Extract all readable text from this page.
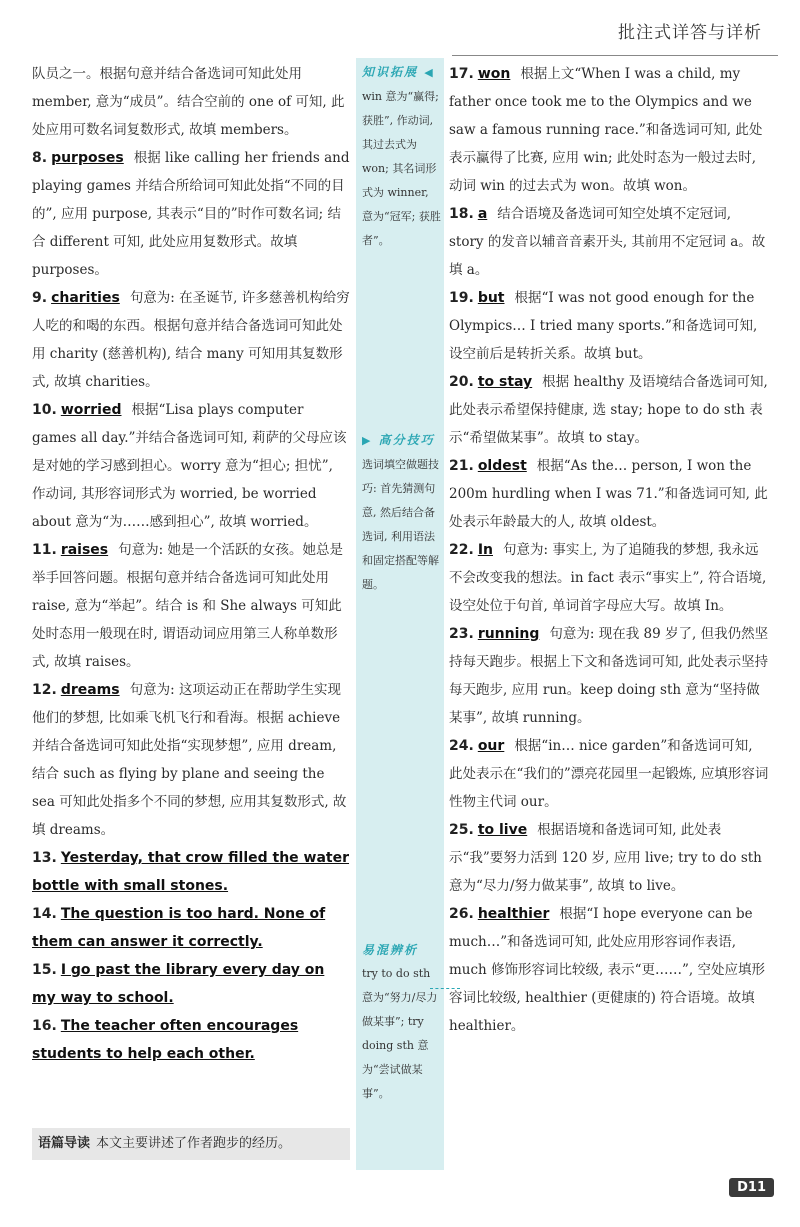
批注式详答与详析

队员之一。根据句意并结合备选词可知此处用 member, 意为“成员”。结合空前的 one of 可知, 此处应用可数名词复数形式, 故填 members。

8. purposes 根据 like calling her friends and playing games 并结合所给词可知此处指“不同的目的”, 应用 purpose, 其表示“目的”时作可数名词; 结合 different 可知, 此处应用复数形式。故填 purposes。

9. charities 句意为: 在圣诞节, 许多慈善机构给穷人吃的和喝的东西。根据句意并结合备选词可知此处用 charity (慈善机构), 结合 many 可知用其复数形式, 故填 charities。

10. worried 根据“Lisa plays computer games all day.”并结合备选词可知, 莉萨的父母应该是对她的学习感到担心。worry 意为“担心; 担忧”, 作动词, 其形容词形式为 worried, be worried about 意为“为……感到担心”, 故填 worried。

11. raises 句意为: 她是一个活跃的女孩。她总是举手回答问题。根据句意并结合备选词可知此处用 raise, 意为“举起”。结合 is 和 She always 可知此处时态用一般现在时, 谓语动词应用第三人称单数形式, 故填 raises。

12. dreams 句意为: 这项运动正在帮助学生实现他们的梦想, 比如乘飞机飞行和看海。根据 achieve 并结合备选词可知此处指“实现梦想”, 应用 dream, 结合 such as flying by plane and seeing the sea 可知此处指多个不同的梦想, 应用其复数形式, 故填 dreams。

13. Yesterday, that crow filled the water bottle with small stones.

14. The question is too hard. None of them can answer it correctly.

15. I go past the library every day on my way to school.

16. The teacher often encourages students to help each other.

语篇导读 本文主要讲述了作者跑步的经历。
知识拓展 ◀
win 意为“赢得; 获胜”, 作动词, 其过去式为 won; 其名词形式为 winner, 意为“冠军; 获胜者”。
▶ 高分技巧
选词填空做题技巧: 首先猜测句意, 然后结合备选词, 利用语法和固定搭配等解题。
易混辨析
try to do sth 意为“努力/尽力做某事”; try doing sth 意为“尝试做某事”。

17. won 根据上文“When I was a child, my father once took me to the Olympics and we saw a famous running race.”和备选词可知, 此处表示赢得了比赛, 应用 win; 此处时态为一般过去时, 动词 win 的过去式为 won。故填 won。

18. a 结合语境及备选词可知空处填不定冠词, story 的发音以辅音音素开头, 其前用不定冠词 a。故填 a。

19. but 根据“I was not good enough for the Olympics… I tried many sports.”和备选词可知, 设空前后是转折关系。故填 but。

20. to stay 根据 healthy 及语境结合备选词可知, 此处表示希望保持健康, 选 stay; hope to do sth 表示“希望做某事”。故填 to stay。

21. oldest 根据“As the… person, I won the 200m hurdling when I was 71.”和备选词可知, 此处表示年龄最大的人, 故填 oldest。

22. In 句意为: 事实上, 为了追随我的梦想, 我永远不会改变我的想法。in fact 表示“事实上”, 符合语境, 设空处位于句首, 单词首字母应大写。故填 In。

23. running 句意为: 现在我 89 岁了, 但我仍然坚持每天跑步。根据上下文和备选词可知, 此处表示坚持每天跑步, 应用 run。keep doing sth 意为“坚持做某事”, 故填 running。

24. our 根据“in… nice garden”和备选词可知, 此处表示在“我们的”漂亮花园里一起锻炼, 应填形容词性物主代词 our。

25. to live 根据语境和备选词可知, 此处表示“我”要努力活到 120 岁, 应用 live; try to do sth 意为“尽力/努力做某事”, 故填 to live。

26. healthier 根据“I hope everyone can be much…”和备选词可知, 此处应用形容词作表语, much 修饰形容词比较级, 表示“更……”, 空处应填形容词比较级, healthier (更健康的) 符合语境。故填 healthier。

D11
